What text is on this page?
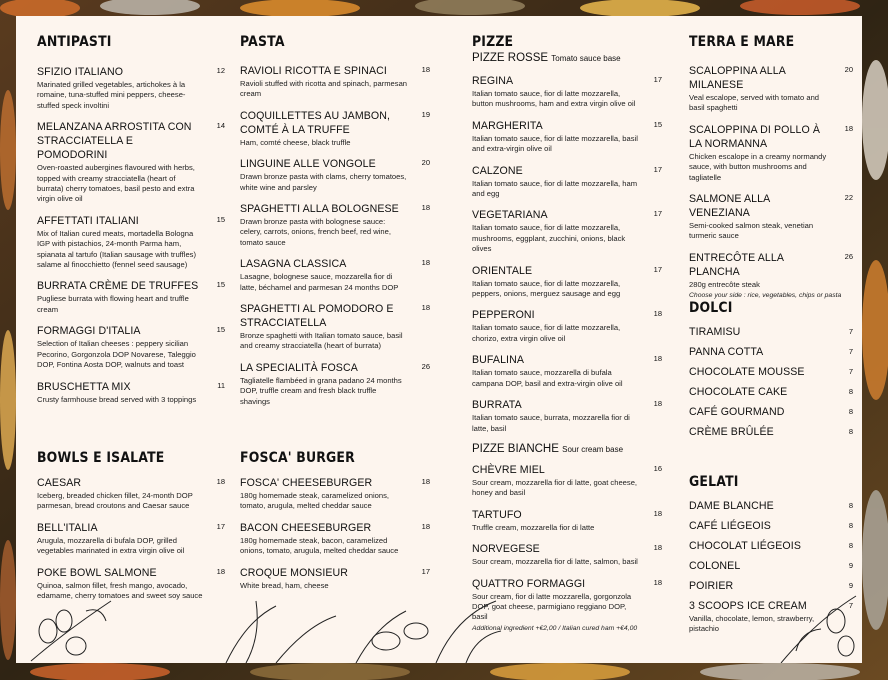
ANTIPASTI
SFIZIO ITALIANO	12
Marinated grilled vegetables, artichokes à la romaine, tuna-stuffed mini peppers, cheese-stuffed speck involtini
MELANZANA ARROSTITA CON STRACCIATELLA E POMODORINI
14
Oven-roasted aubergines flavoured with herbs, topped with creamy stracciatella (heart of burrata) cherry tomatoes, basil pesto and extra virgin olive oil
AFFETTATI ITALIANI	15
Mix of Italian cured meats, mortadella Bologna IGP with pistachios, 24-month Parma ham, spianata al tartufo (Italian sausage with truffles) salame al finocchietto (fennel seed sausage)
BURRATA CRÈME DE TRUFFES	15
Pugliese burrata with flowing heart and truffle cream
FORMAGGI D'ITALIA	15
Selection of Italian cheeses : peppery sicilian Pecorino, Gorgonzola DOP Novarese, Taleggio DOP, Fontina Aosta DOP, walnuts and toast
BRUSCHETTA MIX	11
Crusty farmhouse bread served with 3 toppings
BOWLS E ISALATE
CAESAR	18
Iceberg, breaded chicken fillet, 24-month DOP parmesan, bread croutons and Caesar sauce
BELL'ITALIA	17
Arugula, mozzarella di bufala DOP, grilled vegetables marinated in extra virgin olive oil
POKE BOWL SALMONE	18
Quinoa, salmon fillet, fresh mango, avocado, edamame, cherry tomatoes and sweet soy sauce
PASTA
RAVIOLI RICOTTA E SPINACI	18
Ravioli stuffed with ricotta and spinach, parmesan cream
COQUILLETTES AU JAMBON, COMTÉ À LA TRUFFE
19
Ham, comté cheese, black truffle
LINGUINE ALLE VONGOLE	20
Drawn bronze pasta with clams, cherry tomatoes, white wine and parsley
SPAGHETTI ALLA BOLOGNESE	18
Drawn bronze pasta with bolognese sauce: celery, carrots, onions, french beef, red wine, tomato sauce
LASAGNA CLASSICA	18
Lasagne, bolognese sauce, mozzarella fior di latte, béchamel and parmesan 24 months DOP
SPAGHETTI AL POMODORO E STRACCIATELLA
18
Bronze spaghetti with Italian tomato sauce, basil and creamy stracciatella (heart of burrata)
LA SPECIALITÀ FOSCA	26
Tagliatelle flambéed in grana padano 24 months DOP, truffle cream and fresh black truffle shavings
FOSCA' BURGER
FOSCA' CHEESEBURGER	18
180g homemade steak, caramelized onions, tomato, arugula, melted cheddar sauce
BACON CHEESEBURGER	18
180g homemade steak, bacon, caramelized onions, tomato, arugula, melted cheddar sauce
CROQUE MONSIEUR	17
White bread, ham, cheese
PIZZE
PIZZE ROSSE Tomato sauce base
REGINA	17
Italian tomato sauce, fior di latte mozzarella, button mushrooms, ham and extra virgin olive oil
MARGHERITA	15
Italian tomato sauce, fior di latte mozzarella, basil and extra-virgin olive oil
CALZONE	17
Italian tomato sauce, fior di latte mozzarella, ham and egg
VEGETARIANA	17
Italian tomato sauce, fior di latte mozzarella, mushrooms, eggplant, zucchini, onions, black olives
ORIENTALE	17
Italian tomato sauce, fior di latte mozzarella, peppers, onions, merguez sausage and egg
PEPPERONI	18
Italian tomato sauce, fior di latte mozzarella, chorizo, extra virgin olive oil
BUFALINA	18
Italian tomato sauce, mozzarella di bufala campana DOP, basil and extra-virgin olive oil
BURRATA	18
Italian tomato sauce, burrata, mozzarella fior di latte, basil
PIZZE BIANCHE Sour cream base
CHÈVRE MIEL	16
Sour cream, mozzarella fior di latte, goat cheese, honey and basil
TARTUFO	18
Truffle cream, mozzarella fior di latte
NORVEGESE	18
Sour cream, mozzarella fior di latte, salmon, basil
QUATTRO FORMAGGI	18
Sour cream, fior di latte mozzarella, gorgonzola DOP, goat cheese, parmigiano reggiano DOP, basil
Additional ingredient +€2,00 / Italian cured ham +€4,00
TERRA E MARE
SCALOPPINA ALLA MILANESE
20
Veal escalope, served with tomato and basil spaghetti
SCALOPPINA DI POLLO À LA NORMANNA
18
Chicken escalope in a creamy normandy sauce, with button mushrooms and tagliatelle
SALMONE ALLA VENEZIANA
22
Semi-cooked salmon steak, venetian turmeric sauce
ENTRECÔTE ALLA PLANCHA
26
280g entrecôte steak
Choose your side : rice, vegetables, chips or pasta
DOLCI
TIRAMISU	7
PANNA COTTA	7
CHOCOLATE MOUSSE	7
CHOCOLATE CAKE	8
CAFÉ GOURMAND	8
CRÈME BRÛLÉE	8
GELATI
DAME BLANCHE	8
CAFÉ LIÉGEOIS	8
CHOCOLAT LIÉGEOIS	8
COLONEL	9
POIRIER	9
3 SCOOPS ICE CREAM	7
Vanilla, chocolate, lemon, strawberry, pistachio
